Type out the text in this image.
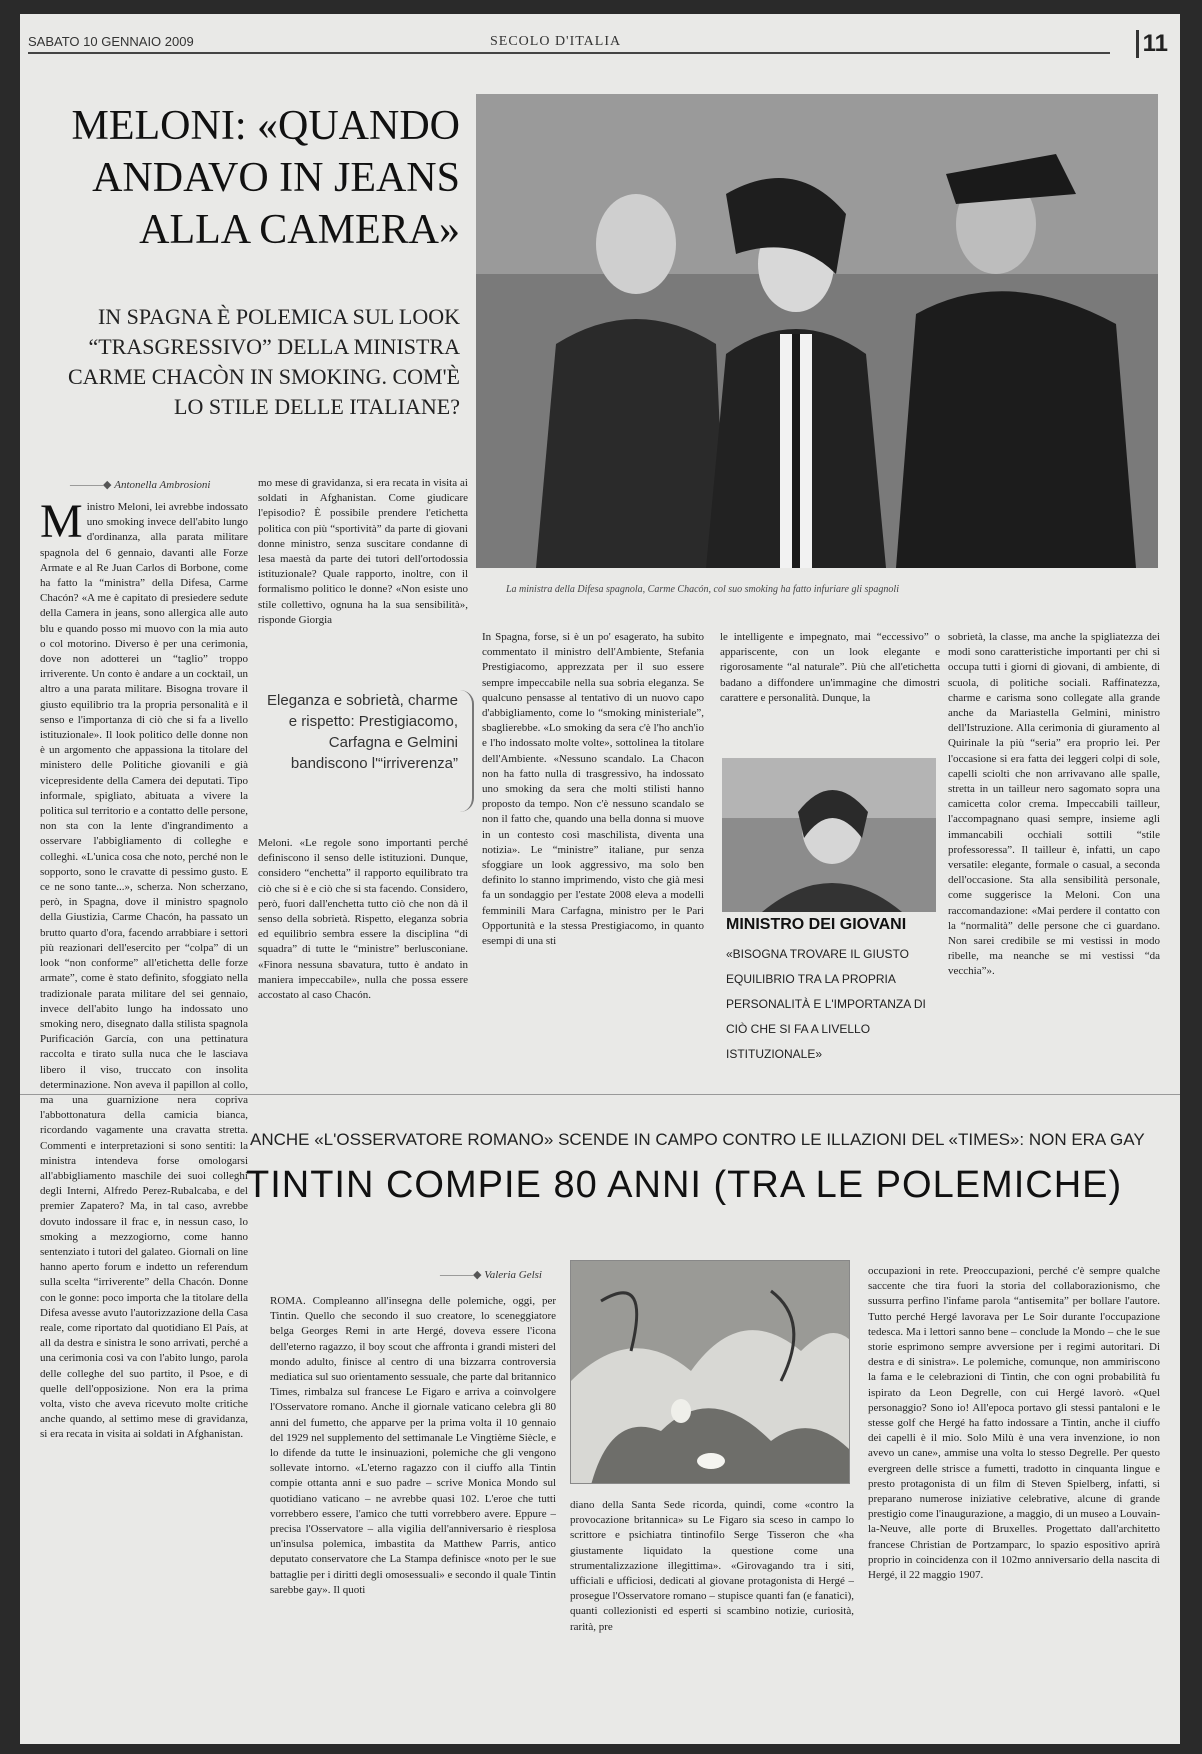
SABATO 10 GENNAIO 2009	SECOLO D'ITALIA	11
MELONI: «QUANDO ANDAVO IN JEANS ALLA CAMERA»
IN SPAGNA È POLEMICA SUL LOOK “TRASGRESSIVO” DELLA MINISTRA CARME CHACÒN IN SMOKING. COM'È LO STILE DELLE ITALIANE?
La ministra della Difesa spagnola, Carme Chacón, col suo smoking ha fatto infuriare gli spagnoli
———◆ Antonella Ambrosioni
M inistro Meloni, lei avrebbe indossato uno smoking invece dell'abito lungo d'ordinanza, alla parata militare spagnola del 6 gennaio, davanti alle Forze Armate e al Re Juan Carlos di Borbone, come ha fatto la “ministra” della Difesa, Carme Chacón? «A me è capitato di presiedere sedute della Camera in jeans, sono allergica alle auto blu e quando posso mi muovo con la mia auto o col motorino. Diverso è per una cerimonia, dove non adotterei un “taglio” troppo irriverente. Un conto è andare a un cocktail, un altro a una parata militare. Bisogna trovare il giusto equilibrio tra la propria personalità e il senso e l'importanza di ciò che si fa a livello istituzionale». Il look politico delle donne non è un argomento che appassiona la titolare del ministero delle Politiche giovanili e già vicepresidente della Camera dei deputati. Tipo informale, spigliato, abituata a vivere la politica sul territorio e a contatto delle persone, non sta con la lente d'ingrandimento a osservare l'abbigliamento di colleghe e colleghi. «L'unica cosa che noto, perché non le sopporto, sono le cravatte di pessimo gusto. E ce ne sono tante...», scherza. Non scherzano, però, in Spagna, dove il ministro spagnolo della Giustizia, Carme Chacón, ha passato un brutto quarto d'ora, facendo arrabbiare i settori più reazionari dell'esercito per “colpa” di un look “non conforme” all'etichetta delle forze armate”, come è stato definito, sfoggiato nella tradizionale parata militare del sei gennaio, invece dell'abito lungo ha indossato uno smoking nero, disegnato dalla stilista spagnola Purificación García, con una pettinatura raccolta e tirato sulla nuca che le lasciava libero il viso, truccato con insolita determinazione. Non aveva il papillon al collo, ma una guarnizione nera copriva l'abbottonatura della camicia bianca, ricordando vagamente una cravatta stretta. Commenti e interpretazioni si sono sentiti: la ministra intendeva forse omologarsi all'abbigliamento maschile dei suoi colleghi degli Interni, Alfredo Perez-Rubalcaba, e del premier Zapatero? Ma, in tal caso, avrebbe dovuto indossare il frac e, in nessun caso, lo smoking a mezzogiorno, come hanno sentenziato i tutori del galateo. Giornali on line hanno aperto forum e indetto un referendum sulla scelta “irriverente” della Chacón. Donne con le gonne: poco importa che la titolare della Difesa avesse avuto l'autorizzazione della Casa reale, come riportato dal quotidiano El País, at all da destra e sinistra le sono arrivati, perché a una cerimonia così va con l'abito lungo, parola delle colleghe del suo partito, il Psoe, e di quelle dell'opposizione. Non era la prima volta, visto che aveva ricevuto molte critiche anche quando, al settimo mese di gravidanza, si era recata in visita ai soldati in Afghanistan.
mo mese di gravidanza, si era recata in visita ai soldati in Afghanistan. Come giudicare l'episodio? È possibile prendere l'etichetta politica con più “sportività” da parte di giovani donne ministro, senza suscitare condanne di lesa maestà da parte dei tutori dell'ortodossia istituzionale? Quale rapporto, inoltre, con il formalismo politico le donne? «Non esiste uno stile collettivo, ognuna ha la sua sensibilità», risponde Giorgia
Eleganza e sobrietà, charme e rispetto: Prestigiacomo, Carfagna e Gelmini bandiscono l'“irriverenza”
Meloni. «Le regole sono importanti perché definiscono il senso delle istituzioni. Dunque, considero “enchetta” il rapporto equilibrato tra ciò che si è e ciò che si sta facendo. Considero, però, fuori dall'enchetta tutto ciò che non dà il senso della sobrietà. Rispetto, eleganza sobria ed equilibrio sembra essere la disciplina “di squadra” di tutte le “ministre” berlusconiane. «Finora nessuna sbavatura, tutto è andato in maniera impeccabile», nulla che possa essere accostato al caso Chacón.
In Spagna, forse, si è un po' esagerato, ha subito commentato il ministro dell'Ambiente, Stefania Prestigiacomo, apprezzata per il suo essere sempre impeccabile nella sua sobria eleganza. Se qualcuno pensasse al tentativo di un nuovo capo d'abbigliamento, come lo “smoking ministeriale”, sbaglierebbe. «Lo smoking da sera c'è l'ho anch'io e l'ho indossato molte volte», sottolinea la titolare dell'Ambiente. «Nessuno scandalo. La Chacon non ha fatto nulla di trasgressivo, ha indossato uno smoking da sera che molti stilisti hanno proposto da tempo. Non c'è nessuno scandalo se non il fatto che, quando una bella donna si muove in un contesto così maschilista, diventa una notizia». Le “ministre” italiane, pur senza sfoggiare un look aggressivo, ma solo ben definito lo stanno imprimendo, visto che già mesi fa un sondaggio per l'estate 2008 eleva a modelli femminili Mara Carfagna, ministro per le Pari Opportunità e la stessa Prestigiacomo, in quanto esempi di una sti
le intelligente e impegnato, mai “eccessivo” o appariscente, con un look elegante e rigorosamente “al naturale”. Più che all'etichetta badano a diffondere un'immagine che dimostri carattere e personalità. Dunque, la
MINISTRO DEI GIOVANI
«BISOGNA TROVARE IL GIUSTO EQUILIBRIO TRA LA PROPRIA PERSONALITÀ E L'IMPORTANZA DI CIÒ CHE SI FA A LIVELLO ISTITUZIONALE»
sobrietà, la classe, ma anche la spigliatezza dei modi sono caratteristiche importanti per chi si occupa tutti i giorni di giovani, di ambiente, di scuola, di politiche sociali. Raffinatezza, charme e carisma sono collegate alla grande anche da Mariastella Gelmini, ministro dell'Istruzione. Alla cerimonia di giuramento al Quirinale la più “seria” era proprio lei. Per l'occasione si era fatta dei leggeri colpi di sole, capelli sciolti che non arrivavano alle spalle, stretta in un tailleur nero sagomato sopra una camicetta color crema. Impeccabili tailleur, l'accompagnano quasi sempre, insieme agli immancabili occhiali sottili “stile professoressa”. Il tailleur è, infatti, un capo versatile: elegante, formale o casual, a seconda dell'occasione. Sta alla sensibilità personale, come suggerisce la Meloni. Con una raccomandazione: «Mai perdere il contatto con la “normalità” delle persone che ci guardano. Non sarei credibile se mi vestissi in modo ribelle, ma neanche se mi vestissi “da vecchia”».
ANCHE «L'OSSERVATORE ROMANO» SCENDE IN CAMPO CONTRO LE ILLAZIONI DEL «TIMES»: NON ERA GAY
TINTIN COMPIE 80 ANNI (TRA LE POLEMICHE)
———◆ Valeria Gelsi
ROMA. Compleanno all'insegna delle polemiche, oggi, per Tintin. Quello che secondo il suo creatore, lo sceneggiatore belga Georges Remi in arte Hergé, doveva essere l'icona dell'eterno ragazzo, il boy scout che affronta i grandi misteri del mondo adulto, finisce al centro di una bizzarra controversia mediatica sul suo orientamento sessuale, che parte dal britannico Times, rimbalza sul francese Le Figaro e arriva a coinvolgere l'Osservatore romano. Anche il giornale vaticano celebra gli 80 anni del fumetto, che apparve per la prima volta il 10 gennaio del 1929 nel supplemento del settimanale Le Vingtième Siècle, e lo difende da tutte le insinuazioni, polemiche che gli vengono sollevate intorno. «L'eterno ragazzo con il ciuffo alla Tintin compie ottanta anni e suo padre – scrive Monica Mondo sul quotidiano vaticano – ne avrebbe quasi 102. L'eroe che tutti vorrebbero essere, l'amico che tutti vorrebbero avere. Eppure – precisa l'Osservatore – alla vigilia dell'anniversario è riesplosa un'insulsa polemica, imbastita da Matthew Parris, antico deputato conservatore che La Stampa definisce «noto per le sue battaglie per i diritti degli omosessuali» e secondo il quale Tintin sarebbe gay». Il quoti
diano della Santa Sede ricorda, quindi, come «contro la provocazione britannica» su Le Figaro sia sceso in campo lo scrittore e psichiatra tintinofilo Serge Tisseron che «ha giustamente liquidato la questione come una strumentalizzazione illegittima». «Girovagando tra i siti, ufficiali e ufficiosi, dedicati al giovane protagonista di Hergé – prosegue l'Osservatore romano – stupisce quanti fan (e fanatici), quanti collezionisti ed esperti si scambino notizie, curiosità, rarità, pre
occupazioni in rete. Preoccupazioni, perché c'è sempre qualche saccente che tira fuori la storia del collaborazionismo, che sussurra perfino l'infame parola “antisemita” per bollare l'autore. Tutto perché Hergé lavorava per Le Soir durante l'occupazione tedesca. Ma i lettori sanno bene – conclude la Mondo – che le sue storie esprimono sempre avversione per i regimi autoritari. Di destra e di sinistra». Le polemiche, comunque, non ammiriscono la fama e le celebrazioni di Tintin, che con ogni probabilità fu ispirato da Leon Degrelle, con cui Hergé lavorò. «Quel personaggio? Sono io! All'epoca portavo gli stessi pantaloni e le stesse golf che Hergé ha fatto indossare a Tintin, anche il ciuffo dei capelli è il mio. Solo Milù è una vera invenzione, io non avevo un cane», ammise una volta lo stesso Degrelle. Per questo evergreen delle strisce a fumetti, tradotto in cinquanta lingue e presto protagonista di un film di Steven Spielberg, infatti, si preparano numerose iniziative celebrative, alcune di grande prestigio come l'inaugurazione, a maggio, di un museo a Louvain-la-Neuve, alle porte di Bruxelles. Progettato dall'architetto francese Christian de Portzamparc, lo spazio espositivo aprirà proprio in coincidenza con il 102mo anniversario della nascita di Hergé, il 22 maggio 1907.
